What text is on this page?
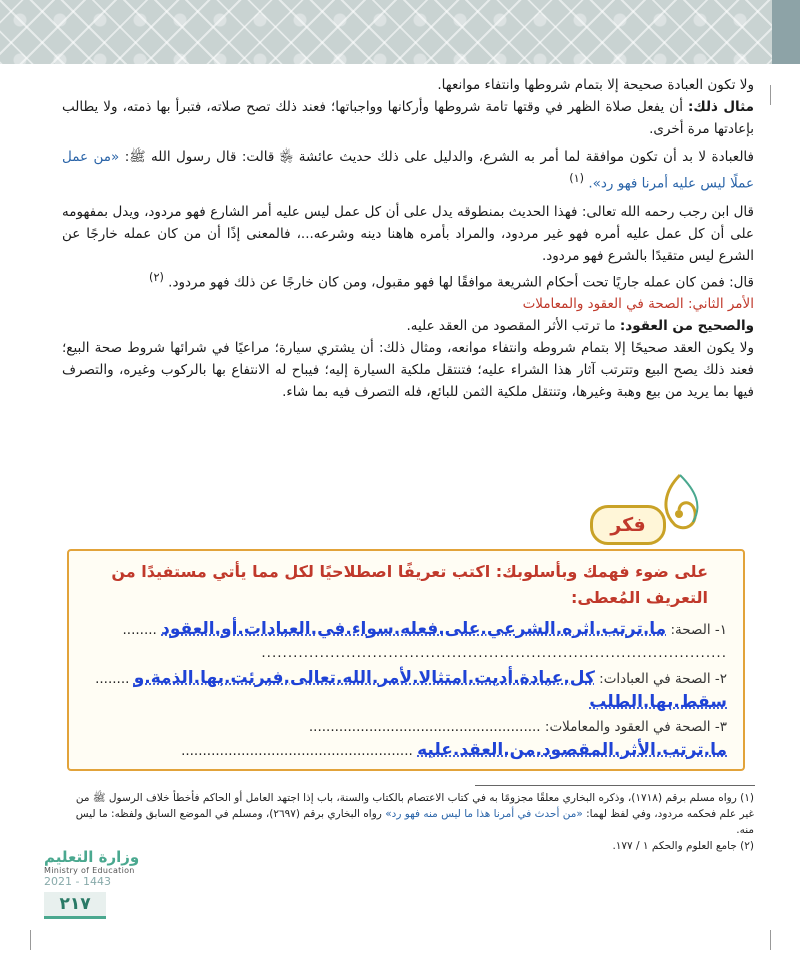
ولا تكون العبادة صحيحة إلا بتمام شروطها وانتفاء موانعها.

مثال ذلك: أن يفعل صلاة الظهر في وقتها تامة شروطها وأركانها وواجباتها؛ فعند ذلك تصح صلاته، فتبرأ بها ذمته، ولا يطالب بإعادتها مرة أخرى.

فالعبادة لا بد أن تكون موافقة لما أمر به الشرع، والدليل على ذلك حديث عائشة ﵂ قالت: قال رسول الله ﷺ: «من عمل عملًا ليس عليه أمرنا فهو رد». $^{(١)}$

قال ابن رجب رحمه الله تعالى: فهذا الحديث بمنطوقه يدل على أن كل عمل ليس عليه أمر الشارع فهو مردود، ويدل بمفهومه على أن كل عمل عليه أمره فهو غير مردود، والمراد بأمره هاهنا دينه وشرعه...، فالمعنى إذًا أن من كان عمله خارجًا عن الشرع ليس متقيدًا بالشرع فهو مردود.

قال: فمن كان عمله جاريًا تحت أحكام الشريعة موافقًا لها فهو مقبول، ومن كان خارجًا عن ذلك فهو مردود. $^{(٢)}$

الأمر الثاني: الصحة في العقود والمعاملات

والصحيح من العقود: ما ترتب الأثر المقصود من العقد عليه.

ولا يكون العقد صحيحًا إلا بتمام شروطه وانتفاء موانعه، ومثال ذلك: أن يشتري سيارة؛ مراعيًا في شرائها شروط صحة البيع؛ فعند ذلك يصح البيع وتترتب آثار هذا الشراء عليه؛ فتنتقل ملكية السيارة إليه؛ فيباح له الانتفاع بها بالركوب وغيره، والتصرف فيها بما يريد من بيع وهبة وغيرها، وتنتقل ملكية الثمن للبائع، فله التصرف فيه بما شاء.

فكر
على ضوء فهمك وبأسلوبك: اكتب تعريفًا اصطلاحيًا لكل مما يأتي مستفيدًا من التعريف المُعطى:
١- الصحة: ما.ترتب.اثره.الشرعي.على.فعله.سواء.في.العبادات.أو.العقود ........
........................................................................................
٢- الصحة في العبادات: كل.عبادة.أديت.امتثالا.لأمر.الله.تعالى.فبرئت.بها.الذمة.و ........
سقط.بها.الطلب
٣- الصحة في العقود والمعاملات: ......................................................
ما.ترتب.الأثر.المقصود.من.العقد.عليه ......................................................
(١) رواه مسلم برقم (١٧١٨)، وذكره البخاري معلقًا مجزومًا به في كتاب الاعتصام بالكتاب والسنة، باب إذا اجتهد العامل أو الحاكم فأخطأ خلاف الرسول ﷺ من غير علم فحكمه مردود، وفي لفظ لهما: «من أحدث في أمرنا هذا ما ليس منه فهو رد» رواه البخاري برقم (٢٦٩٧)، ومسلم في الموضع السابق ولفظه: ما ليس منه.
(٢) جامع العلوم والحكم ١ / ١٧٧.
وزارة التعليم
Ministry of Education
2021 - 1443
٢١٧
